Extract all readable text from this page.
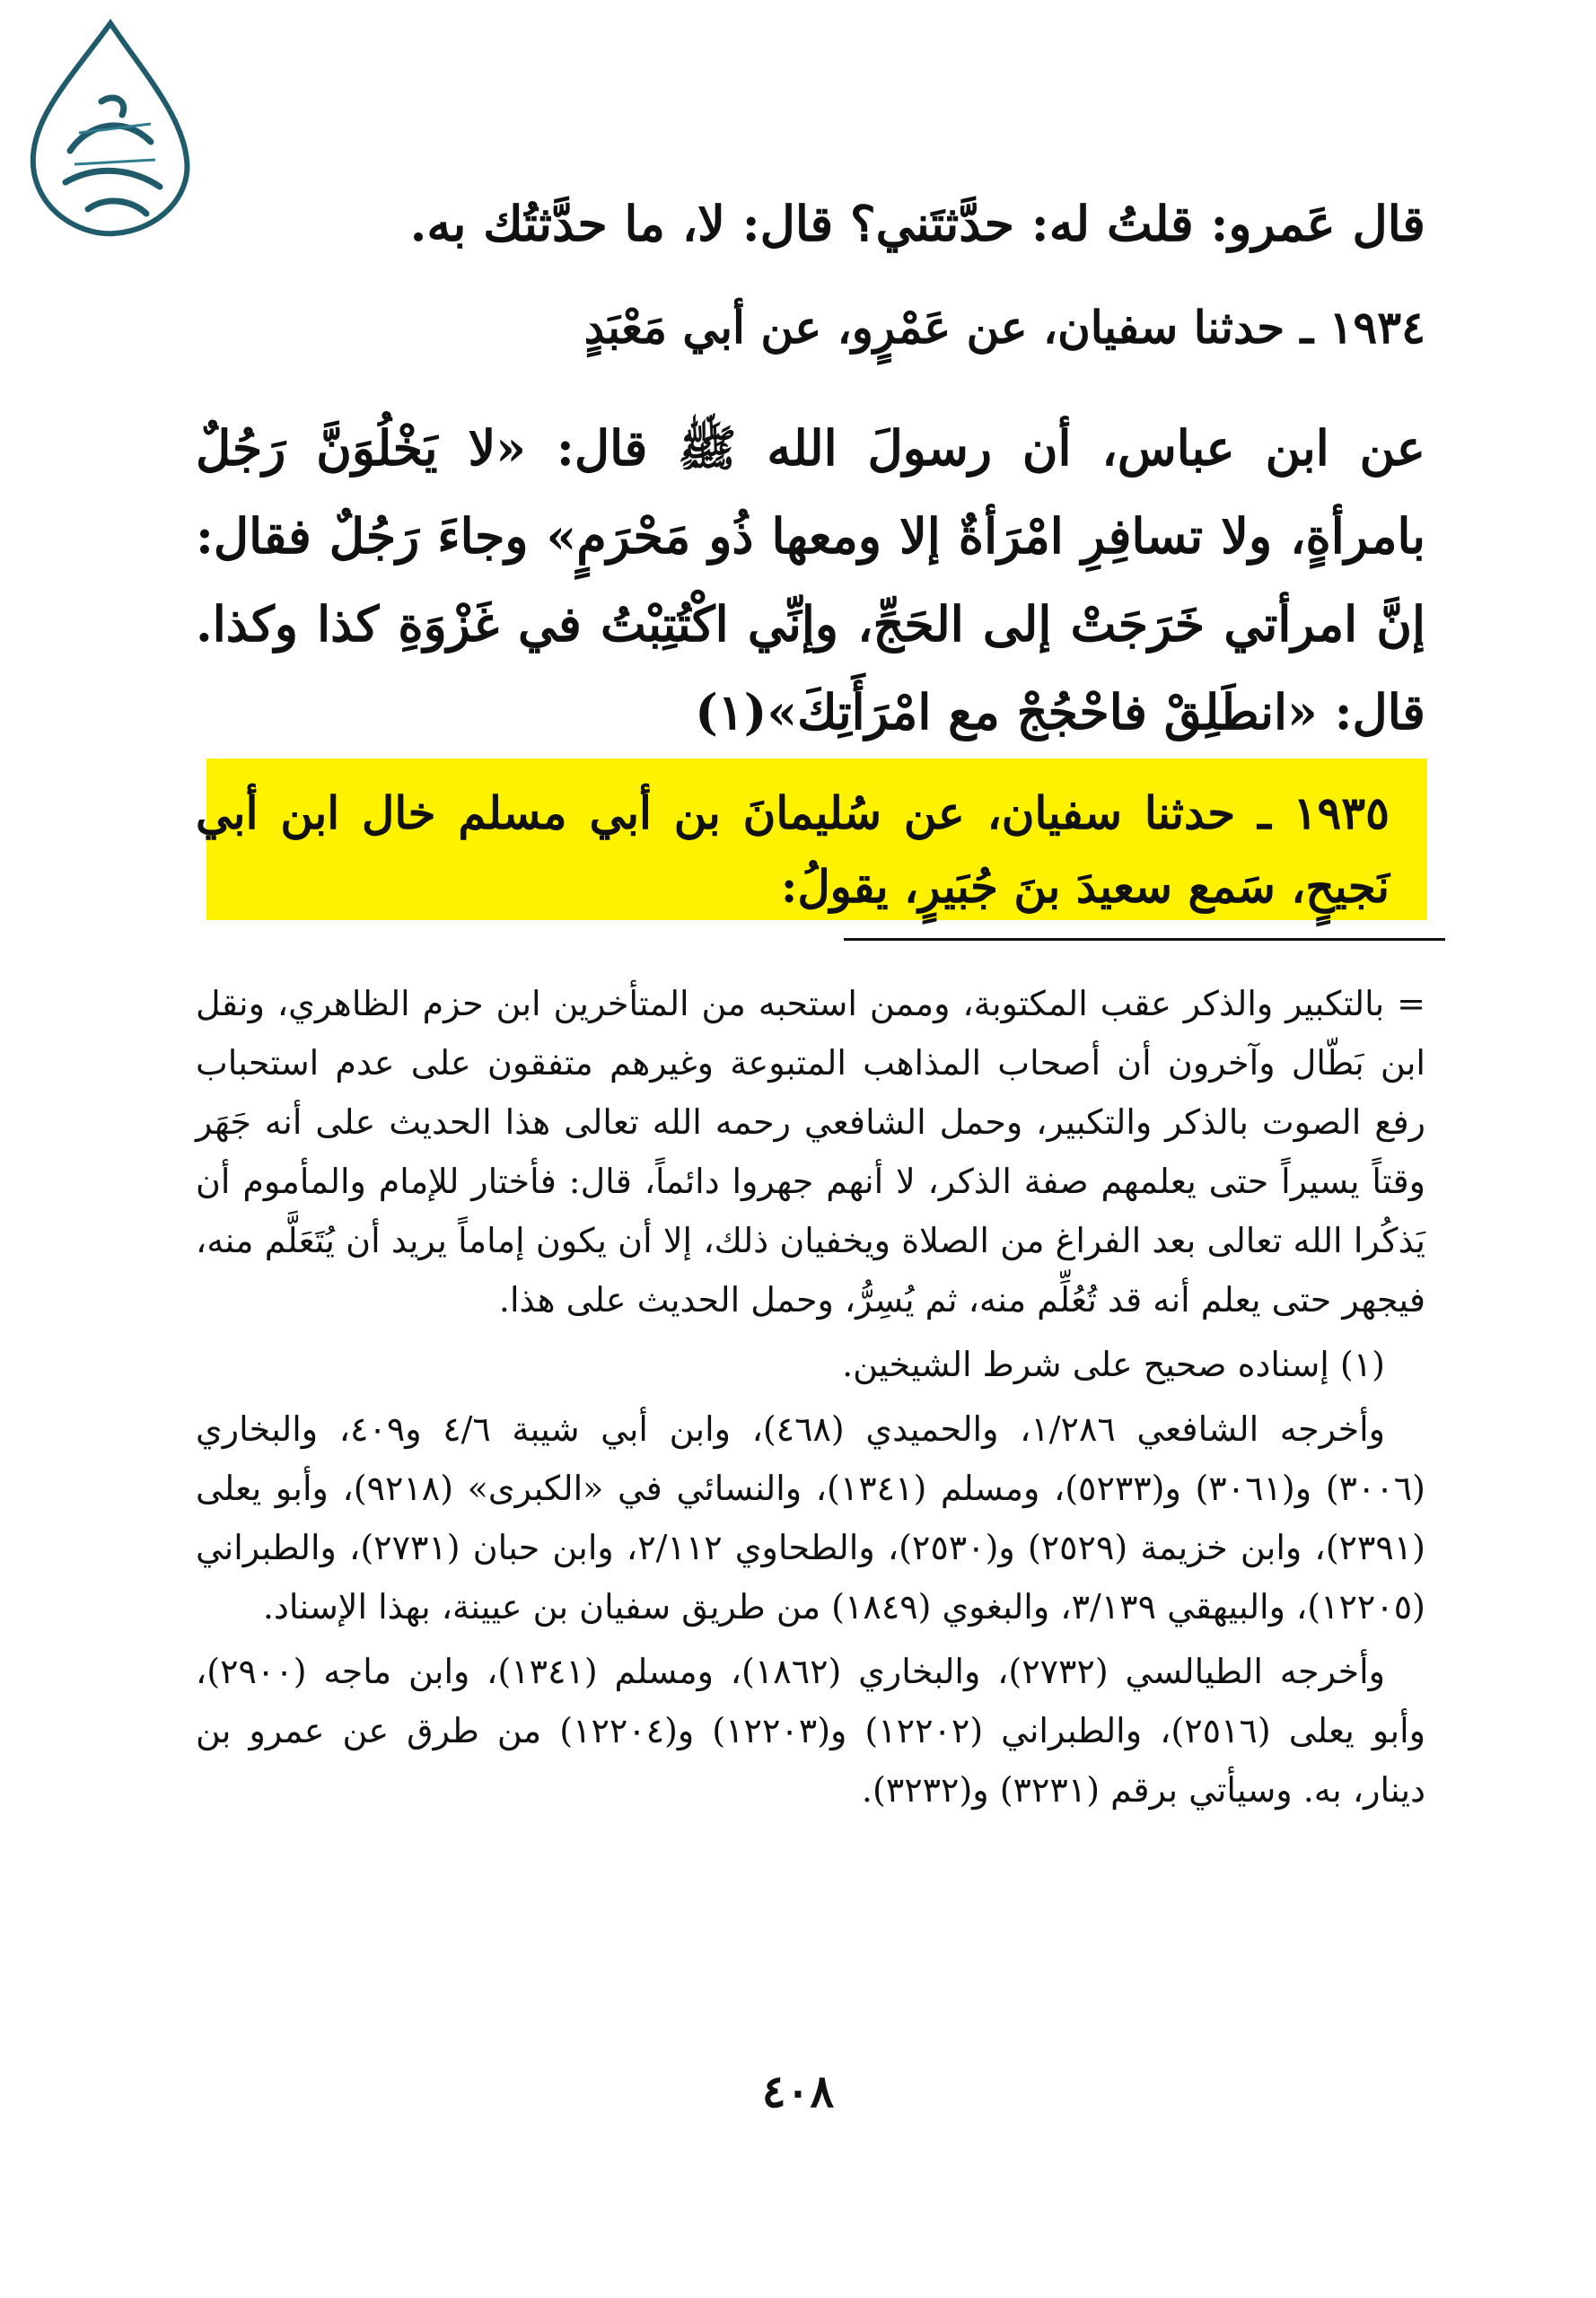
قال عَمرو: قلتُ له: حدَّثتَني؟ قال: لا، ما حدَّثتُك به.
١٩٣٤ ـ حدثنا سفيان، عن عَمْرٍو، عن أبي مَعْبَدٍ
عن ابن عباس، أن رسولَ الله ﷺ قال: «لا يَخْلُوَنَّ رَجُلٌ بامرأةٍ، ولا تسافِرِ امْرَأةٌ إلا ومعها ذُو مَحْرَمٍ» وجاءَ رَجُلٌ فقال: إنَّ امرأتي خَرَجَتْ إلى الحَجِّ، وإنِّي اكْتُتِبْتُ في غَزْوَةِ كذا وكذا. قال: «انطَلِقْ فاحْجُجْ مع امْرَأَتِكَ»(١)
١٩٣٥ ـ حدثنا سفيان، عن سُليمانَ بن أبي مسلم خال ابن أبي نَجيحٍ، سَمع سعيدَ بنَ جُبَيرٍ، يقولُ:

= بالتكبير والذكر عقب المكتوبة، وممن استحبه من المتأخرين ابن حزم الظاهري، ونقل ابن بَطّال وآخرون أن أصحاب المذاهب المتبوعة وغيرهم متفقون على عدم استحباب رفع الصوت بالذكر والتكبير، وحمل الشافعي رحمه الله تعالى هذا الحديث على أنه جَهَر وقتاً يسيراً حتى يعلمهم صفة الذكر، لا أنهم جهروا دائماً، قال: فأختار للإمام والمأموم أن يَذكُرا الله تعالى بعد الفراغ من الصلاة ويخفيان ذلك، إلا أن يكون إماماً يريد أن يُتَعَلَّم منه، فيجهر حتى يعلم أنه قد تُعُلِّم منه، ثم يُسِرُّ، وحمل الحديث على هذا.

(١) إسناده صحيح على شرط الشيخين.

وأخرجه الشافعي ١/٢٨٦، والحميدي (٤٦٨)، وابن أبي شيبة ٤/٦ و٤٠٩، والبخاري (٣٠٠٦) و(٣٠٦١) و(٥٢٣٣)، ومسلم (١٣٤١)، والنسائي في «الكبرى» (٩٢١٨)، وأبو يعلى (٢٣٩١)، وابن خزيمة (٢٥٢٩) و(٢٥٣٠)، والطحاوي ٢/١١٢، وابن حبان (٢٧٣١)، والطبراني (١٢٢٠٥)، والبيهقي ٣/١٣٩، والبغوي (١٨٤٩) من طريق سفيان بن عيينة، بهذا الإسناد.

وأخرجه الطيالسي (٢٧٣٢)، والبخاري (١٨٦٢)، ومسلم (١٣٤١)، وابن ماجه (٢٩٠٠)، وأبو يعلى (٢٥١٦)، والطبراني (١٢٢٠٢) و(١٢٢٠٣) و(١٢٢٠٤) من طرق عن عمرو بن دينار، به. وسيأتي برقم (٣٢٣١) و(٣٢٣٢).

٤٠٨
